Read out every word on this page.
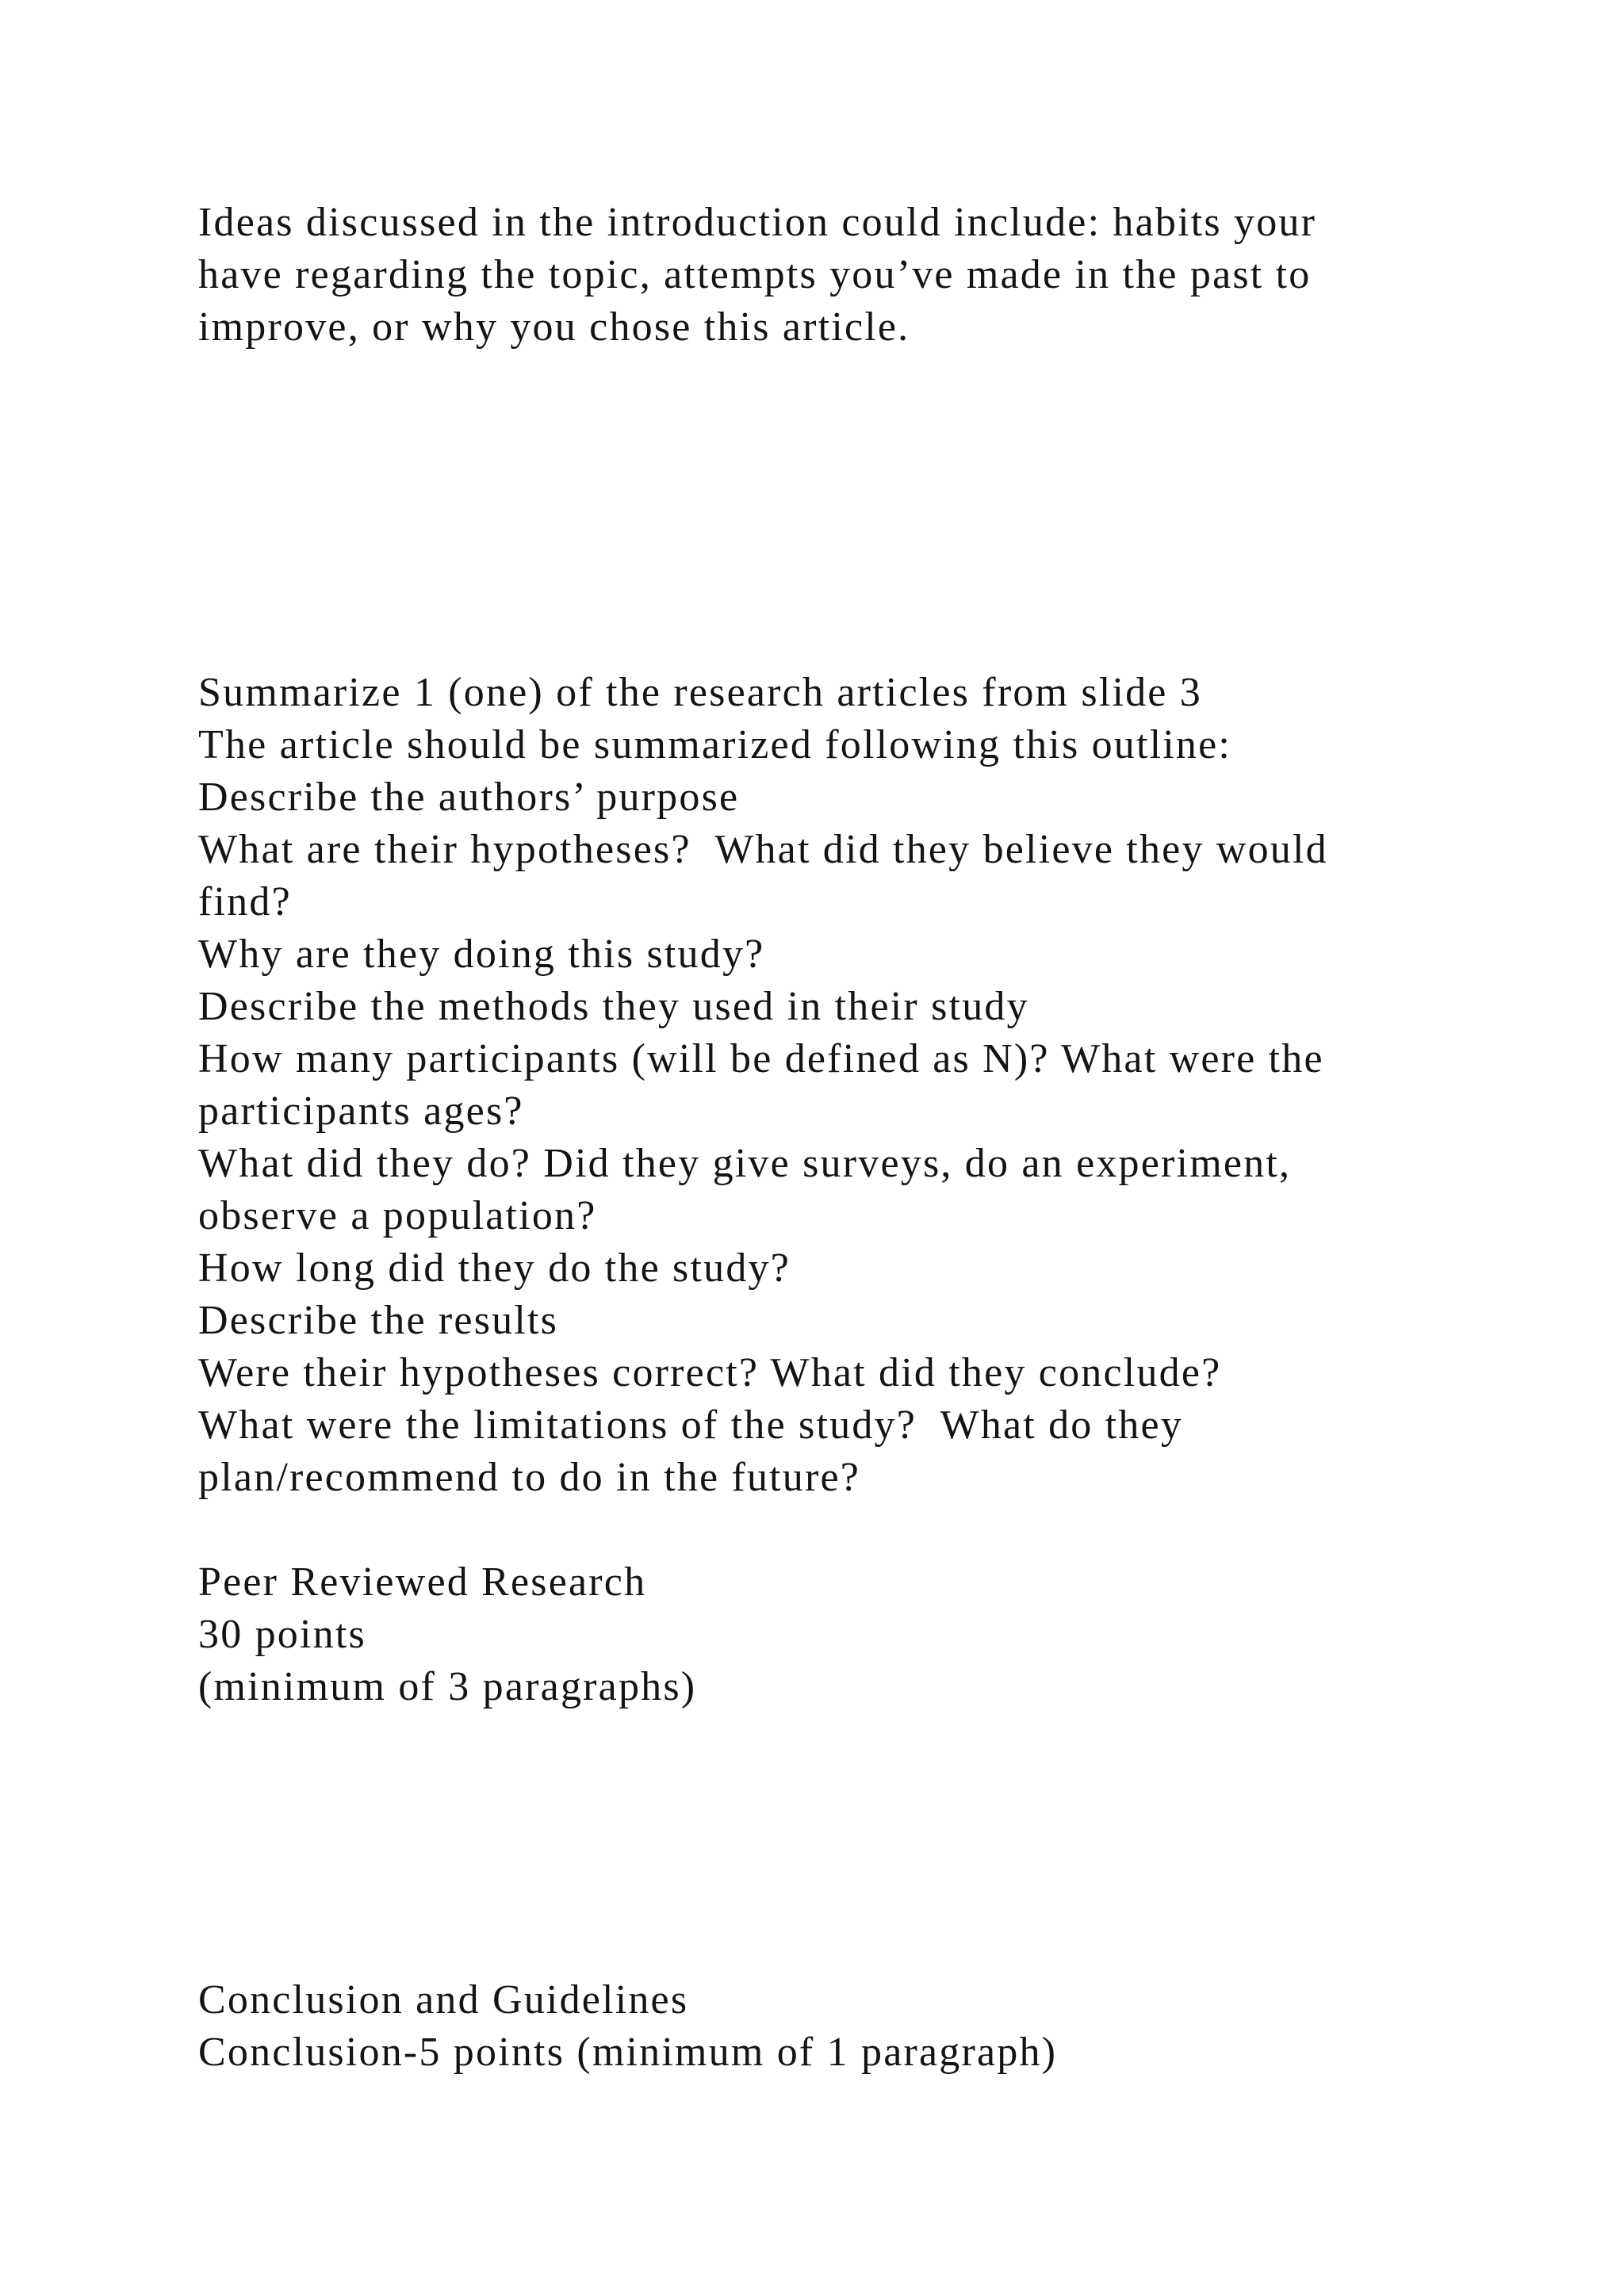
Ideas discussed in the introduction could include: habits your
have regarding the topic, attempts you’ve made in the past to
improve, or why you chose this article.
Summarize 1 (one) of the research articles from slide 3
The article should be summarized following this outline:
Describe the authors’ purpose
What are their hypotheses?  What did they believe they would
find?
Why are they doing this study?
Describe the methods they used in their study
How many participants (will be defined as N)? What were the
participants ages?
What did they do? Did they give surveys, do an experiment,
observe a population?
How long did they do the study?
Describe the results
Were their hypotheses correct? What did they conclude?
What were the limitations of the study?  What do they
plan/recommend to do in the future?
Peer Reviewed Research
30 points
(minimum of 3 paragraphs)
Conclusion and Guidelines
Conclusion-5 points (minimum of 1 paragraph)
